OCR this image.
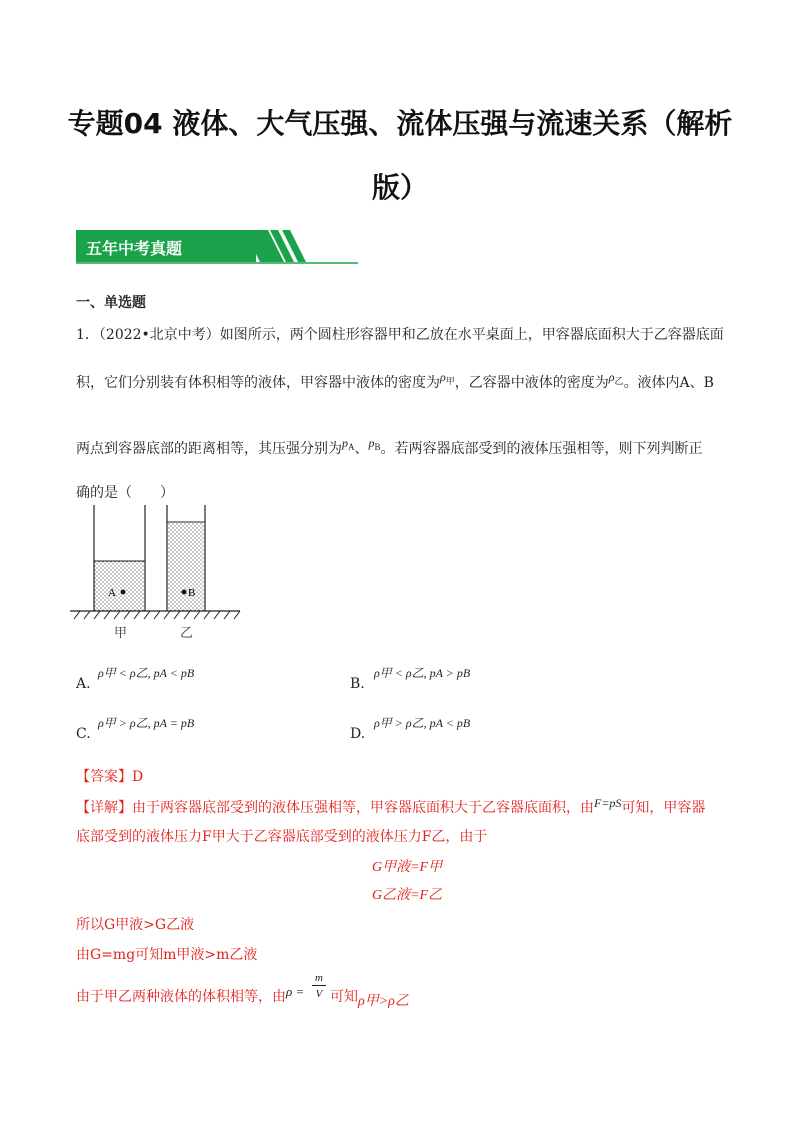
专题04 液体、大气压强、流体压强与流速关系（解析
版）
五年中考真题
一、单选题
1．（2022•北京中考）如图所示，两个圆柱形容器甲和乙放在水平桌面上，甲容器底面积大于乙容器底面
积，它们分别装有体积相等的液体，甲容器中液体的密度为$\rho_甲$，乙容器中液体的密度为$\rho_乙$。液体内A、B
两点到容器底部的距离相等，其压强分别为$p_A$、$p_B$。若两容器底部受到的液体压强相等，则下列判断正
确的是（　　）
A	B
甲	乙
A.
ρ甲 < ρ乙, pA < pB
B.
ρ甲 < ρ乙, pA > pB
C.
ρ甲 > ρ乙, pA = pB
D.
ρ甲 > ρ乙, pA < pB
【答案】D
【详解】由于两容器底部受到的液体压强相等，甲容器底面积大于乙容器底面积，由F=pS可知，甲容器
底部受到的液体压力F甲大于乙容器底部受到的液体压力F乙，由于
G甲液=F甲
G乙液=F乙
所以G甲液>G乙液
由G=mg可知m甲液>m乙液
由于甲乙两种液体的体积相等，由 ρ =
m
V 可知 ρ甲>ρ乙
